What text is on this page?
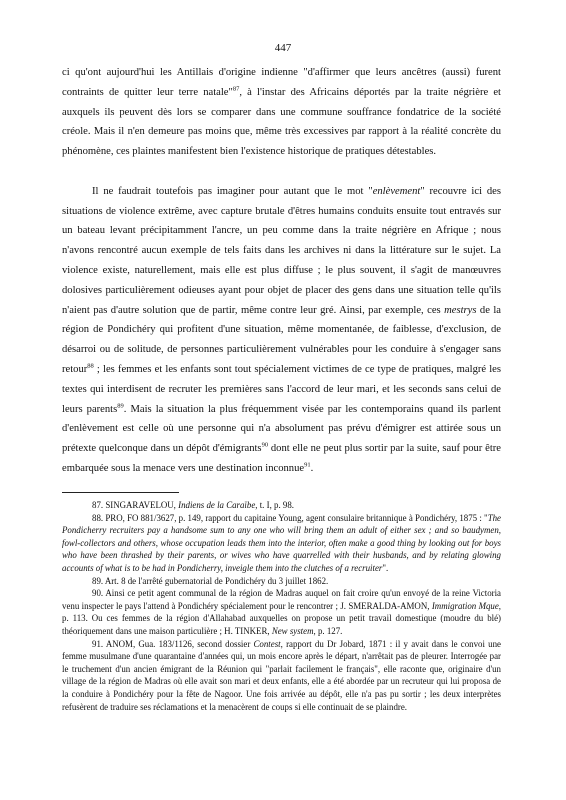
447

ci qu'ont aujourd'hui les Antillais d'origine indienne "d'affirmer que leurs ancêtres (aussi) furent contraints de quitter leur terre natale"$^{87}$, à l'instar des Africains déportés par la traite négrière et auxquels ils peuvent dès lors se comparer dans une commune souffrance fondatrice de la société créole. Mais il n'en demeure pas moins que, même très excessives par rapport à la réalité concrète du phénomène, ces plaintes manifestent bien l'existence historique de pratiques détestables.

Il ne faudrait toutefois pas imaginer pour autant que le mot "enlèvement" recouvre ici des situations de violence extrême, avec capture brutale d'êtres humains conduits ensuite tout entravés sur un bateau levant précipitamment l'ancre, un peu comme dans la traite négrière en Afrique ; nous n'avons rencontré aucun exemple de tels faits dans les archives ni dans la littérature sur le sujet. La violence existe, naturellement, mais elle est plus diffuse ; le plus souvent, il s'agit de manœuvres dolosives particulièrement odieuses ayant pour objet de placer des gens dans une situation telle qu'ils n'aient pas d'autre solution que de partir, même contre leur gré. Ainsi, par exemple, ces mestrys de la région de Pondichéry qui profitent d'une situation, même momentanée, de faiblesse, d'exclusion, de désarroi ou de solitude, de personnes particulièrement vulnérables pour les conduire à s'engager sans retour$^{88}$ ; les femmes et les enfants sont tout spécialement victimes de ce type de pratiques, malgré les textes qui interdisent de recruter les premières sans l'accord de leur mari, et les seconds sans celui de leurs parents$^{89}$. Mais la situation la plus fréquemment visée par les contemporains quand ils parlent d'enlèvement est celle où une personne qui n'a absolument pas prévu d'émigrer est attirée sous un prétexte quelconque dans un dépôt d'émigrants$^{90}$ dont elle ne peut plus sortir par la suite, sauf pour être embarquée sous la menace vers une destination inconnue$^{91}$.

87. SINGARAVELOU, Indiens de la Caraïbe, t. I, p. 98.

88. PRO, FO 881/3627, p. 149, rapport du capitaine Young, agent consulaire britannique à Pondichéry, 1875 : "The Pondicherry recruiters pay a handsome sum to any one who will bring them an adult of either sex ; and so baudymen, fowl-collectors and others, whose occupation leads them into the interior, often make a good thing by looking out for boys who have been thrashed by their parents, or wives who have quarrelled with their husbands, and by relating glowing accounts of what is to be had in Pondicherry, inveigle them into the clutches of a recruiter".

89. Art. 8 de l'arrêté gubernatorial de Pondichéry du 3 juillet 1862.

90. Ainsi ce petit agent communal de la région de Madras auquel on fait croire qu'un envoyé de la reine Victoria venu inspecter le pays l'attend à Pondichéry spécialement pour le rencontrer ; J. SMERALDA-AMON, Immigration Mque, p. 113. Ou ces femmes de la région d'Allahabad auxquelles on propose un petit travail domestique (moudre du blé) théoriquement dans une maison particulière ; H. TINKER, New system, p. 127.

91. ANOM, Gua. 183/1126, second dossier Contest, rapport du Dr Jobard, 1871 : il y avait dans le convoi une femme musulmane d'une quarantaine d'années qui, un mois encore après le départ, n'arrêtait pas de pleurer. Interrogée par le truchement d'un ancien émigrant de la Réunion qui "parlait facilement le français", elle raconte que, originaire d'un village de la région de Madras où elle avait son mari et deux enfants, elle a été abordée par un recruteur qui lui proposa de la conduire à Pondichéry pour la fête de Nagoor. Une fois arrivée au dépôt, elle n'a pas pu sortir ; les deux interprètes refusèrent de traduire ses réclamations et la menacèrent de coups si elle continuait de se plaindre.
